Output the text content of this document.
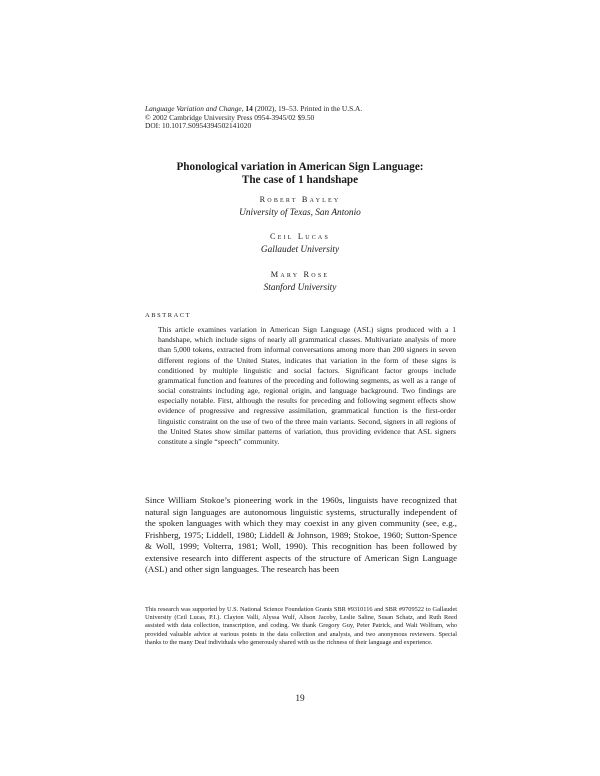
Language Variation and Change, 14 (2002), 19–53. Printed in the U.S.A.
© 2002 Cambridge University Press 0954-3945/02 $9.50
DOI: 10.1017.S0954394502141020
Phonological variation in American Sign Language:
The case of 1 handshape
Robert Bayley
University of Texas, San Antonio
Ceil Lucas
Gallaudet University
Mary Rose
Stanford University
ABSTRACT

This article examines variation in American Sign Language (ASL) signs produced with a 1 handshape, which include signs of nearly all grammatical classes. Multivariate analysis of more than 5,000 tokens, extracted from informal conversations among more than 200 signers in seven different regions of the United States, indicates that variation in the form of these signs is conditioned by multiple linguistic and social factors. Significant factor groups include grammatical function and features of the preceding and following segments, as well as a range of social constraints including age, regional origin, and language background. Two findings are especially notable. First, although the results for preceding and following segment effects show evidence of progressive and regressive assimilation, grammatical function is the first-order linguistic constraint on the use of two of the three main variants. Second, signers in all regions of the United States show similar patterns of variation, thus providing evidence that ASL signers constitute a single “speech” community.

Since William Stokoe’s pioneering work in the 1960s, linguists have recognized that natural sign languages are autonomous linguistic systems, structurally independent of the spoken languages with which they may coexist in any given community (see, e.g., Frishberg, 1975; Liddell, 1980; Liddell & Johnson, 1989; Stokoe, 1960; Sutton-Spence & Woll, 1999; Volterra, 1981; Woll, 1990). This recognition has been followed by extensive research into different aspects of the structure of American Sign Language (ASL) and other sign languages. The research has been

This research was supported by U.S. National Science Foundation Grants SBR #9310116 and SBR #9709522 to Gallaudet University (Ceil Lucas, P.I.). Clayton Valli, Alyssa Wulf, Alison Jacoby, Leslie Saline, Susan Schatz, and Ruth Reed assisted with data collection, transcription, and coding. We thank Gregory Guy, Peter Patrick, and Walt Wolfram, who provided valuable advice at various points in the data collection and analysis, and two anonymous reviewers. Special thanks to the many Deaf individuals who generously shared with us the richness of their language and experience.

19
